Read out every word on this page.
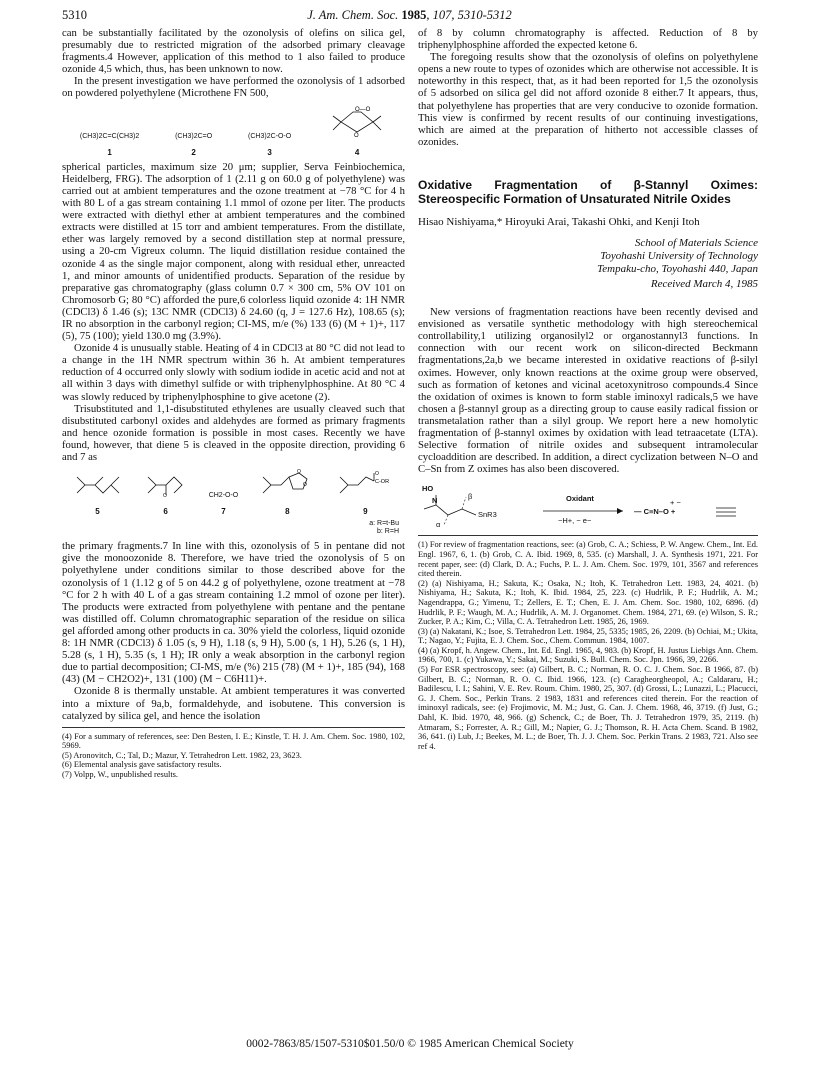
5310	J. Am. Chem. Soc. 1985, 107, 5310-5312

can be substantially facilitated by the ozonolysis of olefins on silica gel, presumably due to restricted migration of the adsorbed primary cleavage fragments.4 However, application of this method to 1 also failed to produce ozonide 4,5 which, thus, has been unknown to now.

In the present investigation we have performed the ozonolysis of 1 adsorbed on powdered polyethylene (Microthene FN 500,

(CH3)2C=C(CH3)2
1
(CH3)2C=O
2
(CH3)2C-O-O
3
O—O
O
4

spherical particles, maximum size 20 μm; supplier, Serva Feinbiochemica, Heidelberg, FRG). The adsorption of 1 (2.11 g on 60.0 g of polyethylene) was carried out at ambient temperatures and the ozone treatment at −78 °C for 4 h with 80 L of a gas stream containing 1.1 mmol of ozone per liter. The products were extracted with diethyl ether at ambient temperatures and the combined extracts were distilled at 15 torr and ambient temperatures. From the distillate, ether was largely removed by a second distillation step at normal pressure, using a 20-cm Vigreux column. The liquid distillation residue contained the ozonide 4 as the single major component, along with residual ether, unreacted 1, and minor amounts of unidentified products. Separation of the residue by preparative gas chromatography (glass column 0.7 × 300 cm, 5% OV 101 on Chromosorb G; 80 °C) afforded the pure,6 colorless liquid ozonide 4: 1H NMR (CDCl3) δ 1.46 (s); 13C NMR (CDCl3) δ 24.60 (q, J = 127.6 Hz), 108.65 (s); IR no absorption in the carbonyl region; CI-MS, m/e (%) 133 (6) (M + 1)+, 117 (5), 75 (100); yield 130.0 mg (3.9%).

Ozonide 4 is unusually stable. Heating of 4 in CDCl3 at 80 °C did not lead to a change in the 1H NMR spectrum within 36 h. At ambient temperatures reduction of 4 occurred only slowly with sodium iodide in acetic acid and not at all within 3 days with dimethyl sulfide or with triphenylphosphine. At 80 °C 4 was slowly reduced by triphenylphosphine to give acetone (2).

Trisubstituted and 1,1-disubstituted ethylenes are usually cleaved such that disubstituted carbonyl oxides and aldehydes are formed as primary fragments and hence ozonide formation is possible in most cases. Recently we have found, however, that diene 5 is cleaved in the opposite direction, providing 6 and 7 as

5
O
6
CH2-O-O
7
O
O
8
C-OR
O
9
a: R=t-Bu
b: R=H

the primary fragments.7 In line with this, ozonolysis of 5 in pentane did not give the monoozonide 8. Therefore, we have tried the ozonolysis of 5 on polyethylene under conditions similar to those described above for the ozonolysis of 1 (1.12 g of 5 on 44.2 g of polyethylene, ozone treatment at −78 °C for 2 h with 40 L of a gas stream containing 1.2 mmol of ozone per liter). The products were extracted from polyethylene with pentane and the pentane was distilled off. Column chromatographic separation of the residue on silica gel afforded among other products in ca. 30% yield the colorless, liquid ozonide 8: 1H NMR (CDCl3) δ 1.05 (s, 9 H), 1.18 (s, 9 H), 5.00 (s, 1 H), 5.26 (s, 1 H), 5.28 (s, 1 H), 5.35 (s, 1 H); IR only a weak absorption in the carbonyl region due to partial decomposition; CI-MS, m/e (%) 215 (78) (M + 1)+, 185 (94), 168 (43) (M − CH2O2)+, 131 (100) (M − C6H11)+.

Ozonide 8 is thermally unstable. At ambient temperatures it was converted into a mixture of 9a,b, formaldehyde, and isobutene. This conversion is catalyzed by silica gel, and hence the isolation

(4) For a summary of references, see: Den Besten, I. E.; Kinstle, T. H. J. Am. Chem. Soc. 1980, 102, 5969.

(5) Aronovitch, C.; Tal, D.; Mazur, Y. Tetrahedron Lett. 1982, 23, 3623.

(6) Elemental analysis gave satisfactory results.

(7) Volpp, W., unpublished results.

of 8 by column chromatography is affected. Reduction of 8 by triphenylphosphine afforded the expected ketone 6.

The foregoing results show that the ozonolysis of olefins on polyethylene opens a new route to types of ozonides which are otherwise not accessible. It is noteworthy in this respect, that, as it had been reported for 1,5 the ozonolysis of 5 adsorbed on silica gel did not afford ozonide 8 either.7 It appears, thus, that polyethylene has properties that are very conducive to ozonide formation. This view is confirmed by recent results of our continuing investigations, which are aimed at the preparation of hitherto not accessible classes of ozonides.

Oxidative Fragmentation of β-Stannyl Oximes: Stereospecific Formation of Unsaturated Nitrile Oxides
Hisao Nishiyama,* Hiroyuki Arai, Takashi Ohki, and Kenji Itoh
School of Materials Science
Toyohashi University of Technology
Tempaku-cho, Toyohashi 440, Japan
Received March 4, 1985

New versions of fragmentation reactions have been recently devised and envisioned as versatile synthetic methodology with high stereochemical controllability,1 utilizing organosilyl2 or organostannyl3 functions. In connection with our recent work on silicon-directed Beckmann fragmentations,2a,b we became interested in oxidative reactions of β-silyl oximes. However, only known reactions at the oxime group were observed, such as formation of ketones and vicinal acetoxynitroso compounds.4 Since the oxidation of oximes is known to form stable iminoxyl radicals,5 we have chosen a β-stannyl group as a directing group to cause easily radical fission or transmetalation rather than a silyl group. We report here a new homolytic fragmentation of β-stannyl oximes by oxidation with lead tetraacetate (LTA). Selective formation of nitrile oxides and subsequent intramolecular cycloaddition are described. In addition, a direct cyclization between N–O and C–Sn from Z oximes has also been discovered.

HO
N	β
α
SnR3
Oxidant
−H+, − e−
+ −
— C≡N–O +

(1) For review of fragmentation reactions, see: (a) Grob, C. A.; Schiess, P. W. Angew. Chem., Int. Ed. Engl. 1967, 6, 1. (b) Grob, C. A. Ibid. 1969, 8, 535. (c) Marshall, J. A. Synthesis 1971, 221. For recent paper, see: (d) Clark, D. A.; Fuchs, P. L. J. Am. Chem. Soc. 1979, 101, 3567 and references cited therein.

(2) (a) Nishiyama, H.; Sakuta, K.; Osaka, N.; Itoh, K. Tetrahedron Lett. 1983, 24, 4021. (b) Nishiyama, H.; Sakuta, K.; Itoh, K. Ibid. 1984, 25, 223. (c) Hudrlik, P. F.; Hudrlik, A. M.; Nagendrappa, G.; Yimenu, T.; Zellers, E. T.; Chen, E. J. Am. Chem. Soc. 1980, 102, 6896. (d) Hudrlik, P. F.; Waugh, M. A.; Hudrlik, A. M. J. Organomet. Chem. 1984, 271, 69. (e) Wilson, S. R.; Zucker, P. A.; Kim, C.; Villa, C. A. Tetrahedron Lett. 1985, 26, 1969.

(3) (a) Nakatani, K.; Isoe, S. Tetrahedron Lett. 1984, 25, 5335; 1985, 26, 2209. (b) Ochiai, M.; Ukita, T.; Nagao, Y.; Fujita, E. J. Chem. Soc., Chem. Commun. 1984, 1007.

(4) (a) Kropf, h. Angew. Chem., Int. Ed. Engl. 1965, 4, 983. (b) Kropf, H. Justus Liebigs Ann. Chem. 1966, 700, 1. (c) Yukawa, Y.; Sakai, M.; Suzuki, S. Bull. Chem. Soc. Jpn. 1966, 39, 2266.

(5) For ESR spectroscopy, see: (a) Gilbert, B. C.; Norman, R. O. C. J. Chem. Soc. B 1966, 87. (b) Gilbert, B. C.; Norman, R. O. C. Ibid. 1966, 123. (c) Caragheorgheopol, A.; Caldararu, H.; Badilescu, I. I.; Sahini, V. E. Rev. Roum. Chim. 1980, 25, 307. (d) Grossi, L.; Lunazzi, L.; Placucci, G. J. Chem. Soc., Perkin Trans. 2 1983, 1831 and references cited therein. For the reaction of iminoxyl radicals, see: (e) Frojimovic, M. M.; Just, G. Can. J. Chem. 1968, 46, 3719. (f) Just, G.; Dahl, K. Ibid. 1970, 48, 966. (g) Schenck, C.; de Boer, Th. J. Tetrahedron 1979, 35, 2119. (h) Atmaram, S.; Forrester, A. R.; Gill, M.; Napier, G. J.; Thomson, R. H. Acta Chem. Scand. B 1982, 36, 641. (i) Lub, J.; Beekes, M. L.; de Boer, Th. J. J. Chem. Soc. Perkin Trans. 2 1983, 721. Also see ref 4.

0002-7863/85/1507-5310$01.50/0 © 1985 American Chemical Society
